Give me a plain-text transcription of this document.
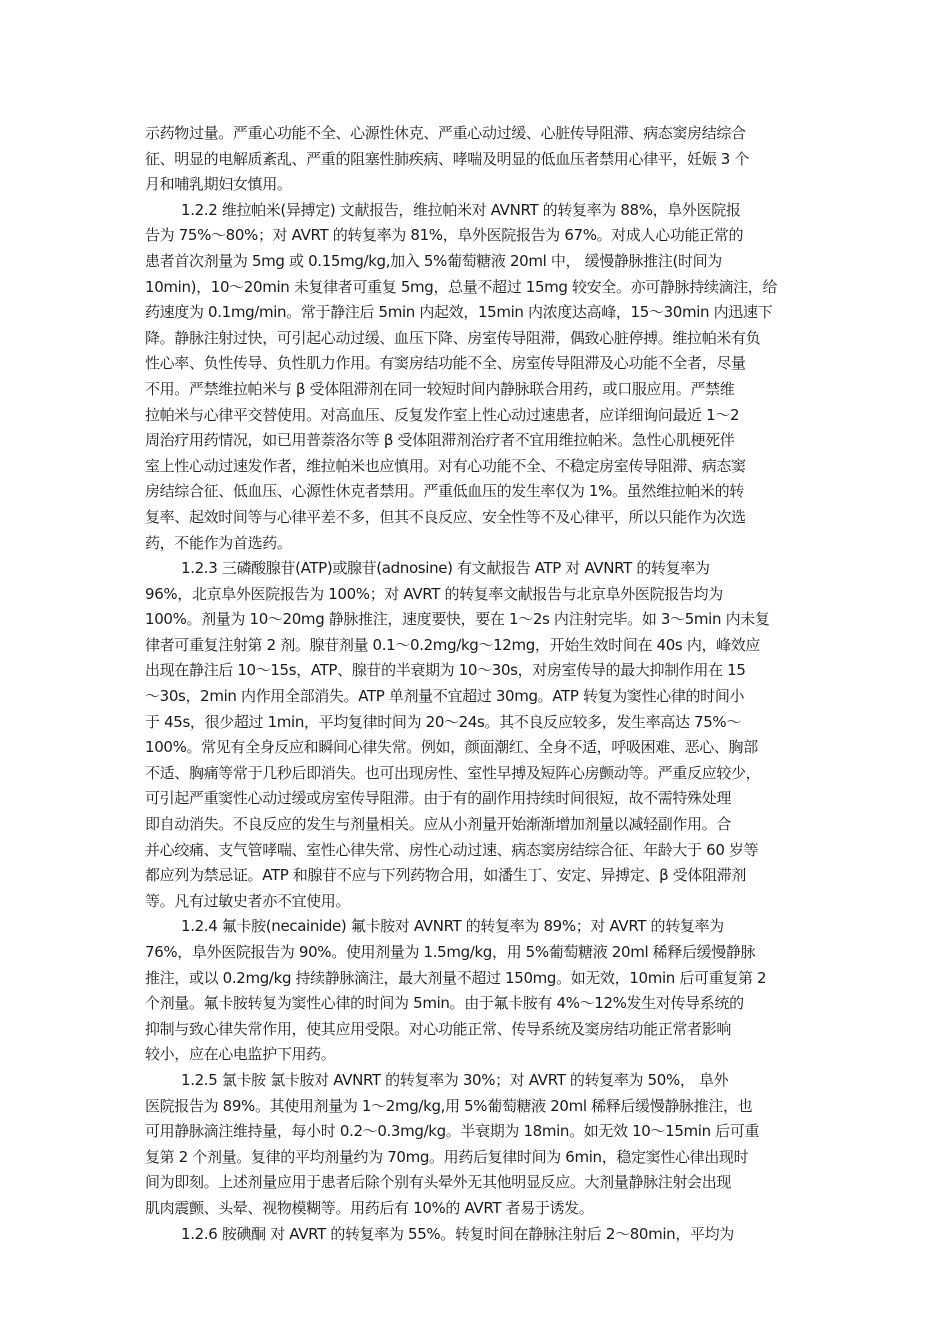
示药物过量。严重心功能不全、心源性休克、严重心动过缓、心脏传导阻滞、病态窦房结综合
征、明显的电解质紊乱、严重的阻塞性肺疾病、哮喘及明显的低血压者禁用心律平，妊娠 3 个
月和哺乳期妇女慎用。
1.2.2 维拉帕米(异搏定) 文献报告，维拉帕米对 AVNRT 的转复率为 88%，阜外医院报
告为 75%～80%；对 AVRT 的转复率为 81%，阜外医院报告为 67%。对成人心功能正常的
患者首次剂量为 5mg 或 0.15mg/kg,加入 5%葡萄糖液 20ml 中， 缓慢静脉推注(时间为
10min)，10～20min 未复律者可重复 5mg，总量不超过 15mg 较安全。亦可静脉持续滴注，给
药速度为 0.1mg/min。常于静注后 5min 内起效，15min 内浓度达高峰，15～30min 内迅速下
降。静脉注射过快，可引起心动过缓、血压下降、房室传导阻滞，偶致心脏停搏。维拉帕米有负
性心率、负性传导、负性肌力作用。有窦房结功能不全、房室传导阻滞及心功能不全者，尽量
不用。严禁维拉帕米与 β 受体阻滞剂在同一较短时间内静脉联合用药，或口服应用。严禁维
拉帕米与心律平交替使用。对高血压、反复发作室上性心动过速患者，应详细询问最近 1～2
周治疗用药情况，如已用普萘洛尔等 β 受体阻滞剂治疗者不宜用维拉帕米。急性心肌梗死伴
室上性心动过速发作者，维拉帕米也应慎用。对有心功能不全、不稳定房室传导阻滞、病态窦
房结综合征、低血压、心源性休克者禁用。严重低血压的发生率仅为 1%。虽然维拉帕米的转
复率、起效时间等与心律平差不多，但其不良反应、安全性等不及心律平，所以只能作为次选
药，不能作为首选药。
1.2.3 三磷酸腺苷(ATP)或腺苷(adnosine) 有文献报告 ATP 对 AVNRT 的转复率为
96%，北京阜外医院报告为 100%；对 AVRT 的转复率文献报告与北京阜外医院报告均为
100%。剂量为 10～20mg 静脉推注，速度要快，要在 1～2s 内注射完毕。如 3～5min 内未复
律者可重复注射第 2 剂。腺苷剂量 0.1～0.2mg/kg～12mg，开始生效时间在 40s 内，峰效应
出现在静注后 10～15s，ATP、腺苷的半衰期为 10～30s，对房室传导的最大抑制作用在 15
～30s，2min 内作用全部消失。ATP 单剂量不宜超过 30mg。ATP 转复为窦性心律的时间小
于 45s，很少超过 1min，平均复律时间为 20～24s。其不良反应较多，发生率高达 75%～
100%。常见有全身反应和瞬间心律失常。例如，颜面潮红、全身不适，呼吸困难、恶心、胸部
不适、胸痛等常于几秒后即消失。也可出现房性、室性早搏及短阵心房颤动等。严重反应较少，
可引起严重窦性心动过缓或房室传导阻滞。由于有的副作用持续时间很短，故不需特殊处理
即自动消失。不良反应的发生与剂量相关。应从小剂量开始渐渐增加剂量以减轻副作用。合
并心绞痛、支气管哮喘、室性心律失常、房性心动过速、病态窦房结综合征、年龄大于 60 岁等
都应列为禁忌证。ATP 和腺苷不应与下列药物合用，如潘生丁、安定、异搏定、β 受体阻滞剂
等。凡有过敏史者亦不宜使用。
1.2.4 氟卡胺(necainide) 氟卡胺对 AVNRT 的转复率为 89%；对 AVRT 的转复率为
76%，阜外医院报告为 90%。使用剂量为 1.5mg/kg，用 5%葡萄糖液 20ml 稀释后缓慢静脉
推注，或以 0.2mg/kg 持续静脉滴注，最大剂量不超过 150mg。如无效，10min 后可重复第 2
个剂量。氟卡胺转复为窦性心律的时间为 5min。由于氟卡胺有 4%～12%发生对传导系统的
抑制与致心律失常作用，使其应用受限。对心功能正常、传导系统及窦房结功能正常者影响
较小，应在心电监护下用药。
1.2.5 氯卡胺 氯卡胺对 AVNRT 的转复率为 30%；对 AVRT 的转复率为 50%， 阜外
医院报告为 89%。其使用剂量为 1～2mg/kg,用 5%葡萄糖液 20ml 稀释后缓慢静脉推注，也
可用静脉滴注维持量，每小时 0.2～0.3mg/kg。半衰期为 18min。如无效 10～15min 后可重
复第 2 个剂量。复律的平均剂量约为 70mg。用药后复律时间为 6min，稳定窦性心律出现时
间为即刻。上述剂量应用于患者后除个别有头晕外无其他明显反应。大剂量静脉注射会出现
肌肉震颤、头晕、视物模糊等。用药后有 10%的 AVRT 者易于诱发。
1.2.6 胺碘酮 对 AVRT 的转复率为 55%。转复时间在静脉注射后 2～80min，平均为
